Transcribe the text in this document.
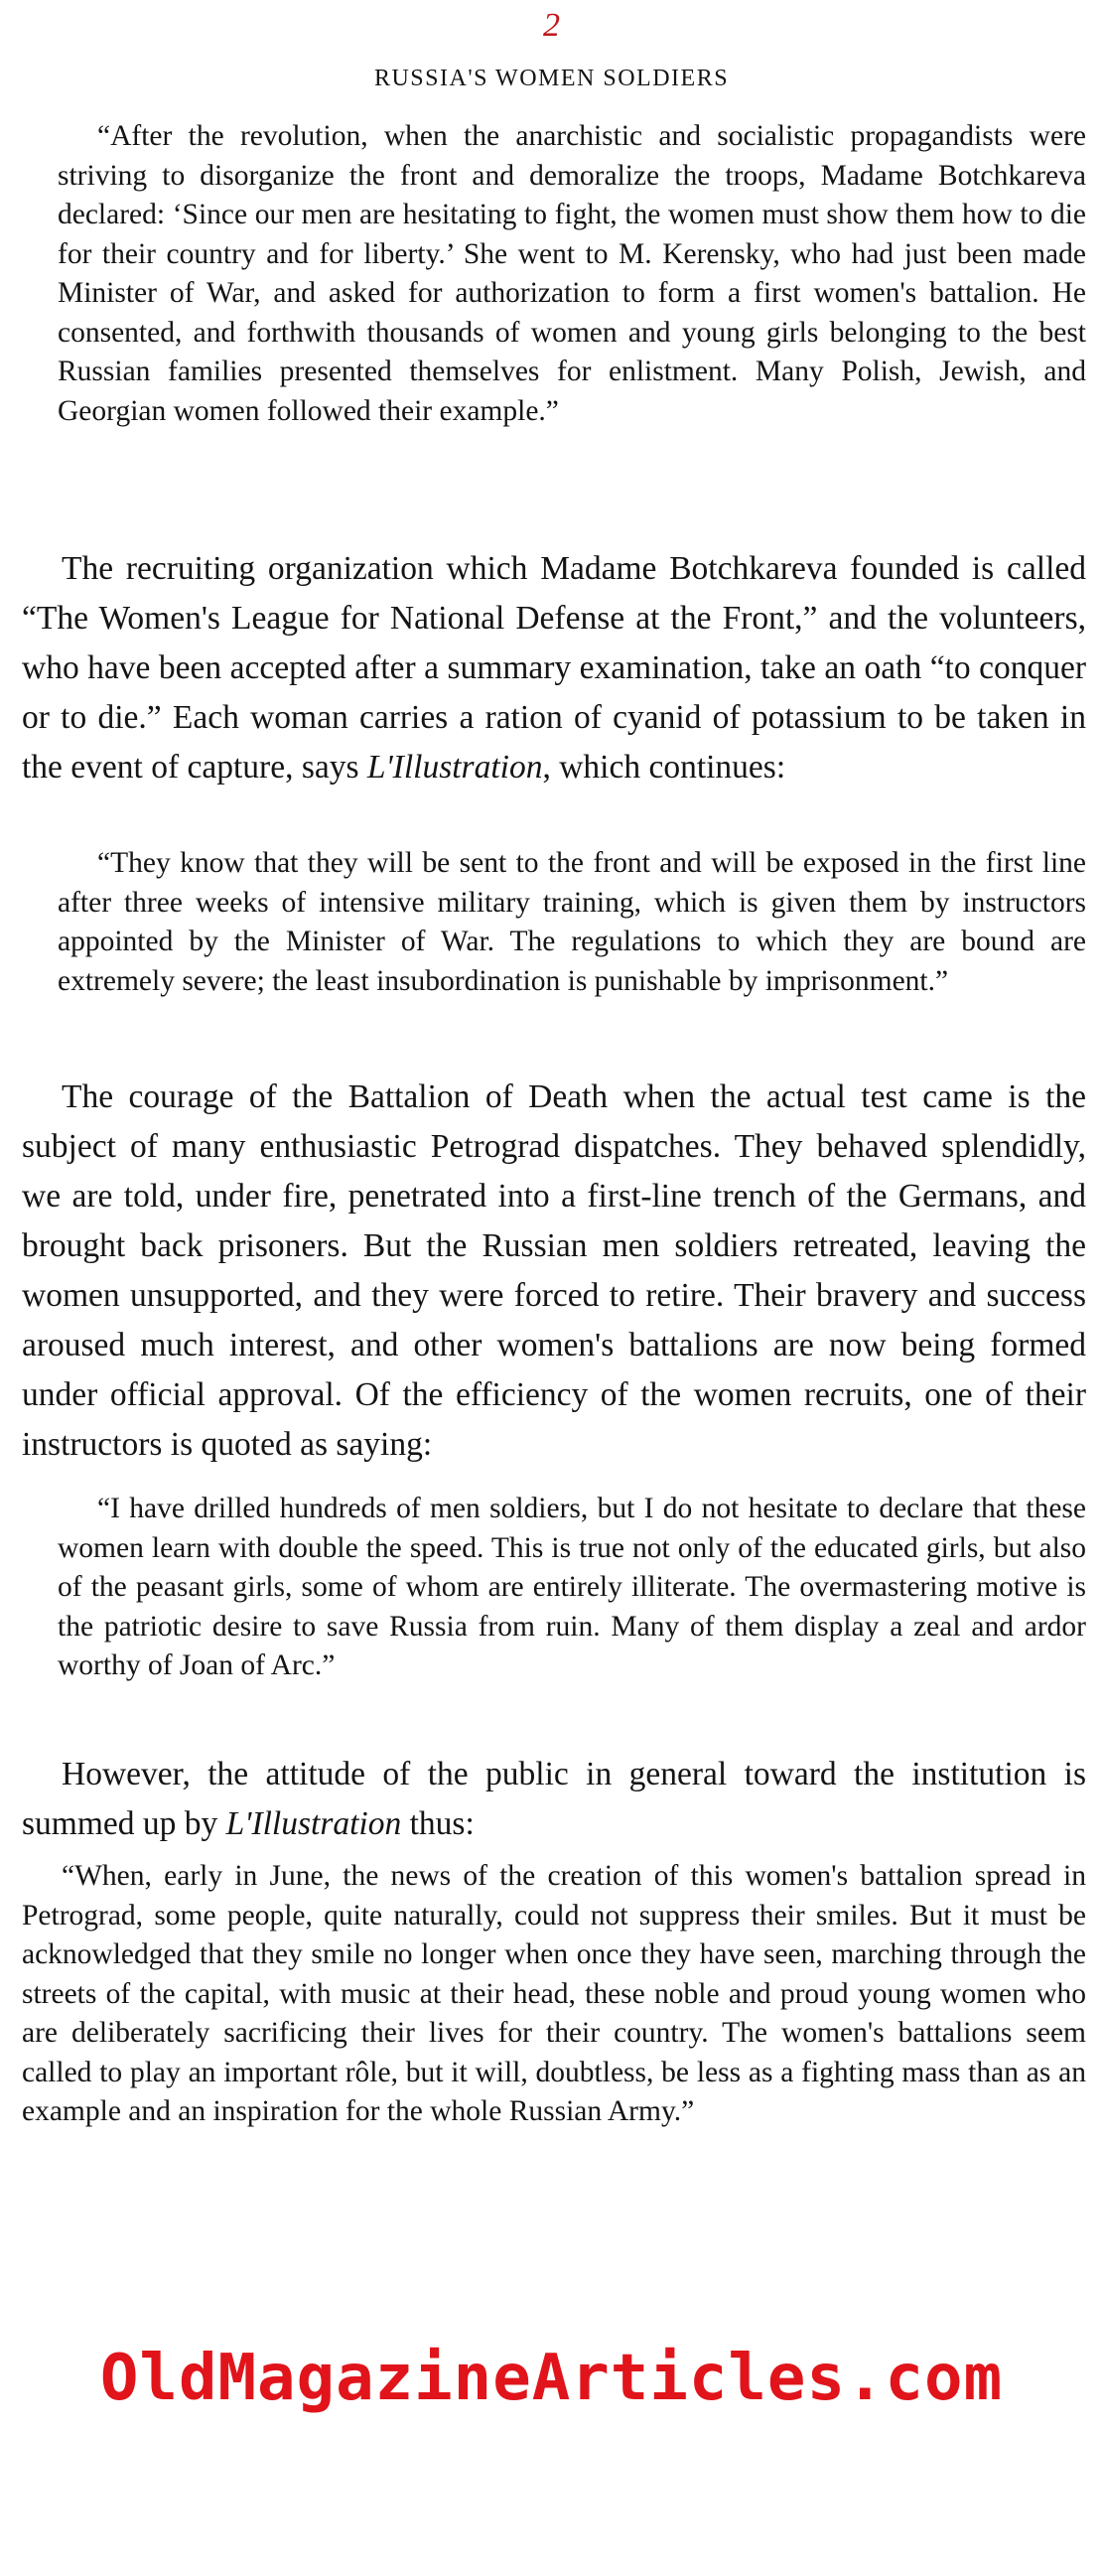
2
RUSSIA'S WOMEN SOLDIERS

“After the revolution, when the anarchistic and socialistic propagandists were striving to disorganize the front and demoralize the troops, Madame Botchkareva declared: ‘Since our men are hesitating to fight, the women must show them how to die for their country and for liberty.’ She went to M. Kerensky, who had just been made Minister of War, and asked for authorization to form a first women's battalion. He consented, and forthwith thousands of women and young girls belonging to the best Russian families presented themselves for enlistment. Many Polish, Jewish, and Georgian women followed their example.”

The recruiting organization which Madame Botchkareva founded is called “The Women's League for National Defense at the Front,” and the volunteers, who have been accepted after a summary examination, take an oath “to conquer or to die.” Each woman carries a ration of cyanid of potassium to be taken in the event of capture, says L'Illustration, which continues:

“They know that they will be sent to the front and will be exposed in the first line after three weeks of intensive military training, which is given them by instructors appointed by the Minister of War. The regulations to which they are bound are extremely severe; the least insubordination is punishable by imprisonment.”

The courage of the Battalion of Death when the actual test came is the subject of many enthusiastic Petrograd dispatches. They behaved splendidly, we are told, under fire, penetrated into a first-line trench of the Germans, and brought back prisoners. But the Russian men soldiers retreated, leaving the women unsupported, and they were forced to retire. Their bravery and success aroused much interest, and other women's battalions are now being formed under official approval. Of the efficiency of the women recruits, one of their instructors is quoted as saying:

“I have drilled hundreds of men soldiers, but I do not hesitate to declare that these women learn with double the speed. This is true not only of the educated girls, but also of the peasant girls, some of whom are entirely illiterate. The overmastering motive is the patriotic desire to save Russia from ruin. Many of them display a zeal and ardor worthy of Joan of Arc.”

However, the attitude of the public in general toward the institution is summed up by L'Illustration thus:

“When, early in June, the news of the creation of this women's battalion spread in Petrograd, some people, quite naturally, could not suppress their smiles. But it must be acknowledged that they smile no longer when once they have seen, marching through the streets of the capital, with music at their head, these noble and proud young women who are deliberately sacrificing their lives for their country. The women's battalions seem called to play an important rôle, but it will, doubtless, be less as a fighting mass than as an example and an inspiration for the whole Russian Army.”

OldMagazineArticles.com
